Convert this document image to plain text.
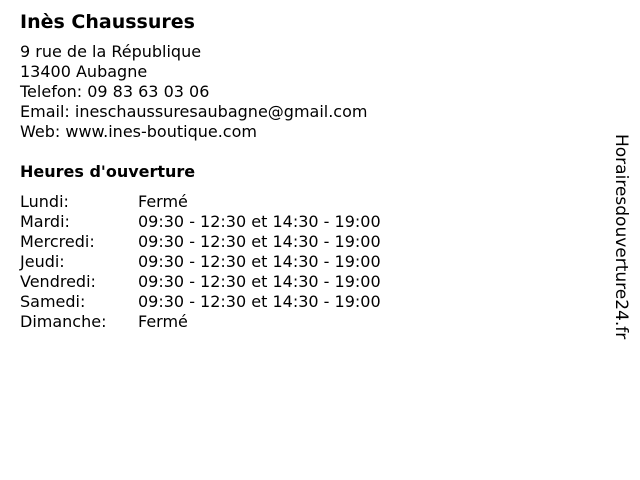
Inès Chaussures
9 rue de la République
13400 Aubagne
Telefon: 09 83 63 03 06
Email: ineschaussuresaubagne@gmail.com
Web: www.ines-boutique.com
Heures d'ouverture
Lundi:	Fermé
Mardi:	09:30 - 12:30 et 14:30 - 19:00
Mercredi:	09:30 - 12:30 et 14:30 - 19:00
Jeudi:	09:30 - 12:30 et 14:30 - 19:00
Vendredi:	09:30 - 12:30 et 14:30 - 19:00
Samedi:	09:30 - 12:30 et 14:30 - 19:00
Dimanche:	Fermé	Horairesdouverture24.fr
